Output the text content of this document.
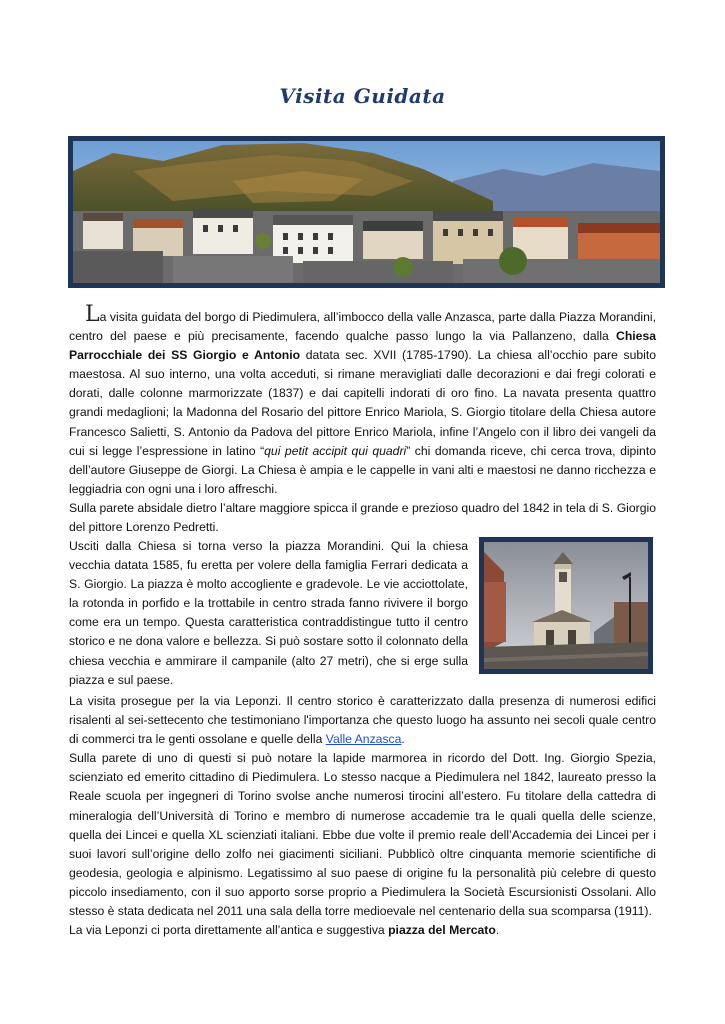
Visita Guidata

La visita guidata del borgo di Piedimulera, all’imbocco della valle Anzasca, parte dalla Piazza Morandini, centro del paese e più precisamente, facendo qualche passo lungo la via Pallanzeno, dalla Chiesa Parrocchiale dei SS Giorgio e Antonio datata sec. XVII (1785-1790). La chiesa all’occhio pare subito maestosa. Al suo interno, una volta acceduti, si rimane meravigliati dalle decorazioni e dai fregi colorati e dorati, dalle colonne marmorizzate (1837) e dai capitelli indorati di oro fino. La navata presenta quattro grandi medaglioni; la Madonna del Rosario del pittore Enrico Mariola, S. Giorgio titolare della Chiesa autore Francesco Salietti, S. Antonio da Padova del pittore Enrico Mariola, infine l’Angelo con il libro dei vangeli da cui si legge l’espressione in latino “qui petit accipit qui quadri” chi domanda riceve, chi cerca trova, dipinto dell’autore Giuseppe de Giorgi. La Chiesa è ampia e le cappelle in vani alti e maestosi ne danno ricchezza e leggiadria con ogni una i loro affreschi.
Sulla parete absidale dietro l’altare maggiore spicca il grande e prezioso quadro del 1842 in tela di S. Giorgio del pittore Lorenzo Pedretti.

Usciti dalla Chiesa si torna verso la piazza Morandini. Qui la chiesa vecchia datata 1585, fu eretta per volere della famiglia Ferrari dedicata a S. Giorgio. La piazza è molto accogliente e gradevole. Le vie acciottolate, la rotonda in porfido e la trottabile in centro strada fanno rivivere il borgo come era un tempo. Questa caratteristica contraddistingue tutto il centro storico e ne dona valore e bellezza. Si può sostare sotto il colonnato della chiesa vecchia e ammirare il campanile (alto 27 metri), che si erge sulla piazza e sul paese.

La visita prosegue per la via Leponzi. Il centro storico è caratterizzato dalla presenza di numerosi edifici risalenti al sei-settecento che testimoniano l'importanza che questo luogo ha assunto nei secoli quale centro di commerci tra le genti ossolane e quelle della Valle Anzasca.
Sulla parete di uno di questi si può notare la lapide marmorea in ricordo del Dott. Ing. Giorgio Spezia, scienziato ed emerito cittadino di Piedimulera. Lo stesso nacque a Piedimulera nel 1842, laureato presso la Reale scuola per ingegneri di Torino svolse anche numerosi tirocini all’estero. Fu titolare della cattedra di mineralogia dell’Università di Torino e membro di numerose accademie tra le quali quella delle scienze, quella dei Lincei e quella XL scienziati italiani. Ebbe due volte il premio reale dell’Accademia dei Lincei per i suoi lavori sull’origine dello zolfo nei giacimenti siciliani. Pubblicò oltre cinquanta memorie scientifiche di geodesia, geologia e alpinismo. Legatissimo al suo paese di origine fu la personalità più celebre di questo piccolo insediamento, con il suo apporto sorse proprio a Piedimulera la Società Escursionisti Ossolani. Allo stesso è stata dedicata nel 2011 una sala della torre medioevale nel centenario della sua scomparsa (1911).
La via Leponzi ci porta direttamente all’antica e suggestiva piazza del Mercato.
